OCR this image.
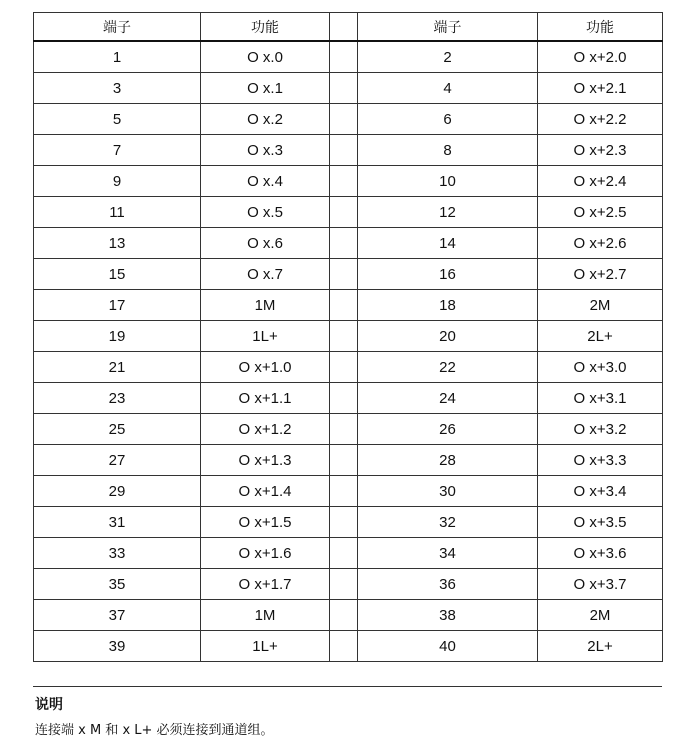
端子	功能		端子	功能
1	O x.0		2	O x+2.0
3	O x.1		4	O x+2.1
5	O x.2		6	O x+2.2
7	O x.3		8	O x+2.3
9	O x.4		10	O x+2.4
11	O x.5		12	O x+2.5
13	O x.6		14	O x+2.6
15	O x.7		16	O x+2.7
17	1M		18	2M
19	1L+		20	2L+
21	O x+1.0		22	O x+3.0
23	O x+1.1		24	O x+3.1
25	O x+1.2		26	O x+3.2
27	O x+1.3		28	O x+3.3
29	O x+1.4		30	O x+3.4
31	O x+1.5		32	O x+3.5
33	O x+1.6		34	O x+3.6
35	O x+1.7		36	O x+3.7
37	1M		38	2M
39	1L+		40	2L+
说明
连接端 x M 和 x L+ 必须连接到通道组。
